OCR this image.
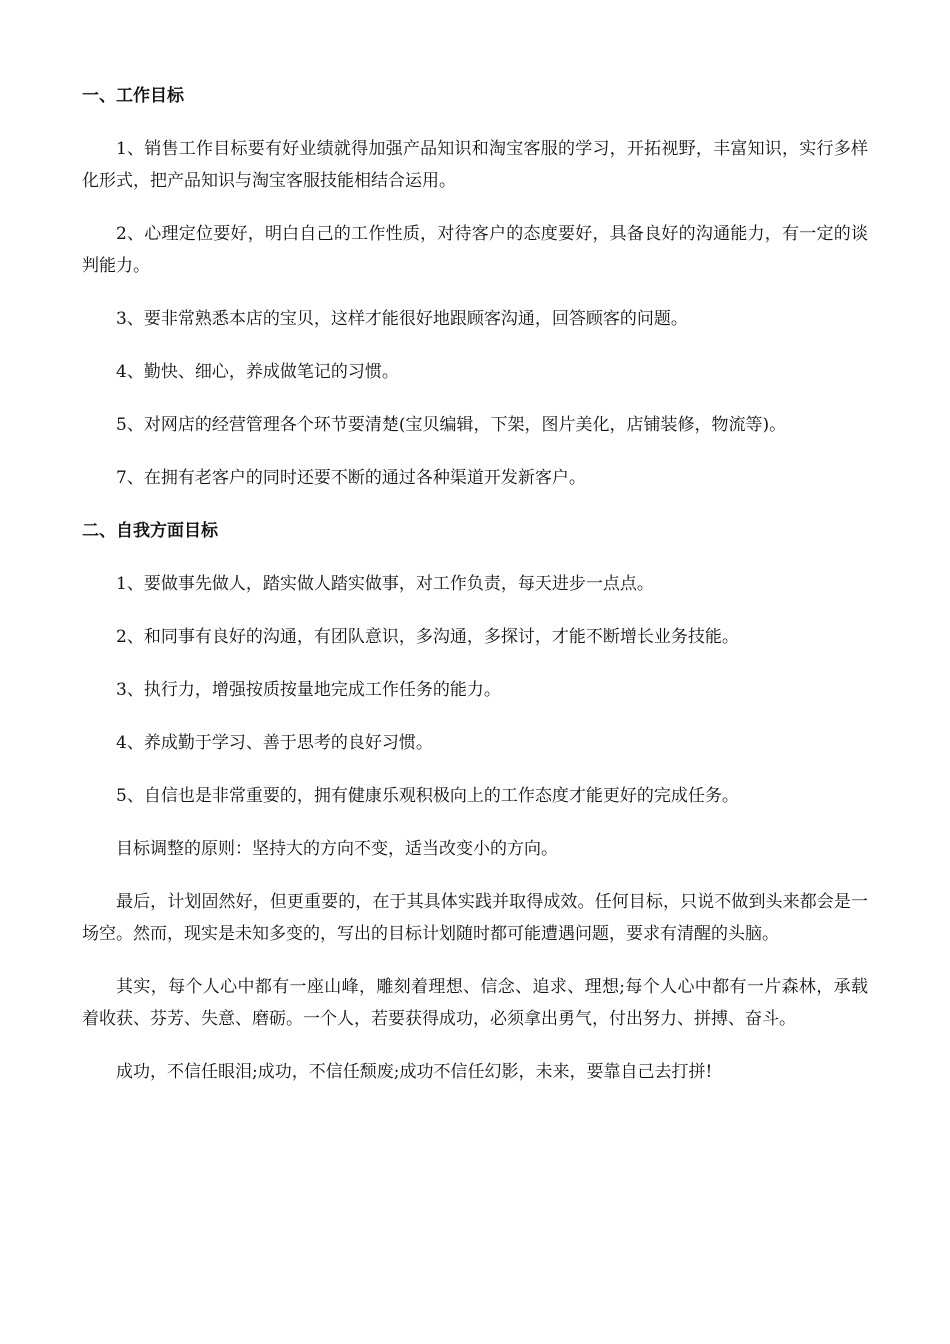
一、工作目标
1、销售工作目标要有好业绩就得加强产品知识和淘宝客服的学习，开拓视野，丰富知识，实行多样化形式，把产品知识与淘宝客服技能相结合运用。
2、心理定位要好，明白自己的工作性质，对待客户的态度要好，具备良好的沟通能力，有一定的谈判能力。
3、要非常熟悉本店的宝贝，这样才能很好地跟顾客沟通，回答顾客的问题。
4、勤快、细心，养成做笔记的习惯。
5、对网店的经营管理各个环节要清楚(宝贝编辑，下架，图片美化，店铺装修，物流等)。
7、在拥有老客户的同时还要不断的通过各种渠道开发新客户。
二、自我方面目标
1、要做事先做人，踏实做人踏实做事，对工作负责，每天进步一点点。
2、和同事有良好的沟通，有团队意识，多沟通，多探讨，才能不断增长业务技能。
3、执行力，增强按质按量地完成工作任务的能力。
4、养成勤于学习、善于思考的良好习惯。
5、自信也是非常重要的，拥有健康乐观积极向上的工作态度才能更好的完成任务。
目标调整的原则：坚持大的方向不变，适当改变小的方向。
最后，计划固然好，但更重要的，在于其具体实践并取得成效。任何目标，只说不做到头来都会是一场空。然而，现实是未知多变的，写出的目标计划随时都可能遭遇问题，要求有清醒的头脑。
其实，每个人心中都有一座山峰，雕刻着理想、信念、追求、理想;每个人心中都有一片森林，承载着收获、芬芳、失意、磨砺。一个人，若要获得成功，必须拿出勇气，付出努力、拼搏、奋斗。
成功，不信任眼泪;成功，不信任颓废;成功不信任幻影，未来，要靠自己去打拼!
